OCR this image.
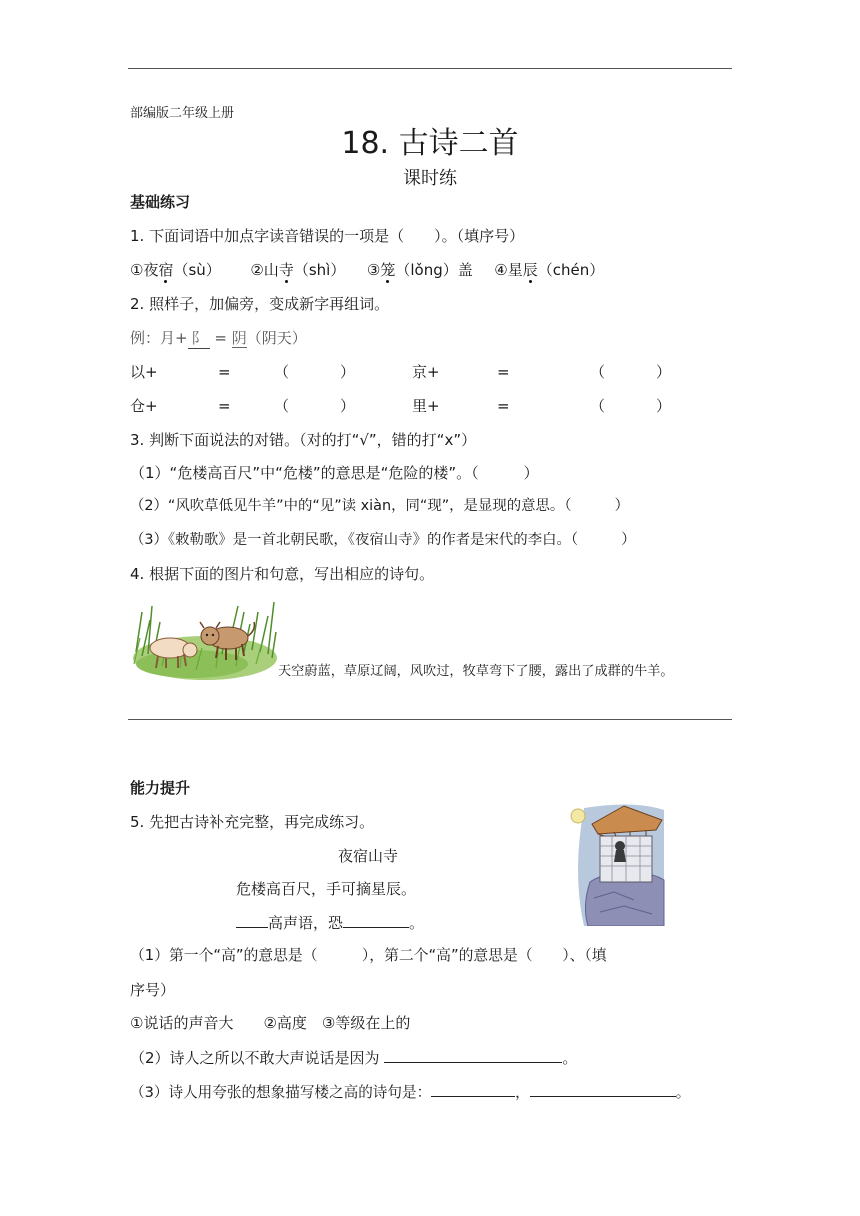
部编版二年级上册
18. 古诗二首
课时练
基础练习
1. 下面词语中加点字读音错误的一项是（　　）。（填序号）
①夜宿（sù） ②山寺（shì） ③笼（lǒng）盖 ④星辰（chén）
2. 照样子，加偏旁，变成新字再组词。
例：月+ 阝 = 阴（阴天）
以+	=	（	）	京+	=	（	）
仓+	=	（	）	里+	=	（	）
3. 判断下面说法的对错。（对的打“√”，错的打“x”）
（1）“危楼高百尺”中“危楼”的意思是“危险的楼”。（　　　）
（2）“风吹草低见牛羊”中的“见”读 xiàn，同“现”，是显现的意思。（　　　）
（3）《敕勒歌》是一首北朝民歌，《夜宿山寺》的作者是宋代的李白。（　　　）
4. 根据下面的图片和句意，写出相应的诗句。
天空蔚蓝，草原辽阔，风吹过，牧草弯下了腰，露出了成群的牛羊。
能力提升
5. 先把古诗补充完整，再完成练习。
夜宿山寺
危楼高百尺，手可摘星辰。
高声语，恐	。
（1）第一个“高”的意思是（　　　），第二个“高”的意思是（　　）、（填
序号）
①说话的声音大　　②高度　③等级在上的
（2）诗人之所以不敢大声说话是因为	。
（3）诗人用夸张的想象描写楼之高的诗句是：	，	。
